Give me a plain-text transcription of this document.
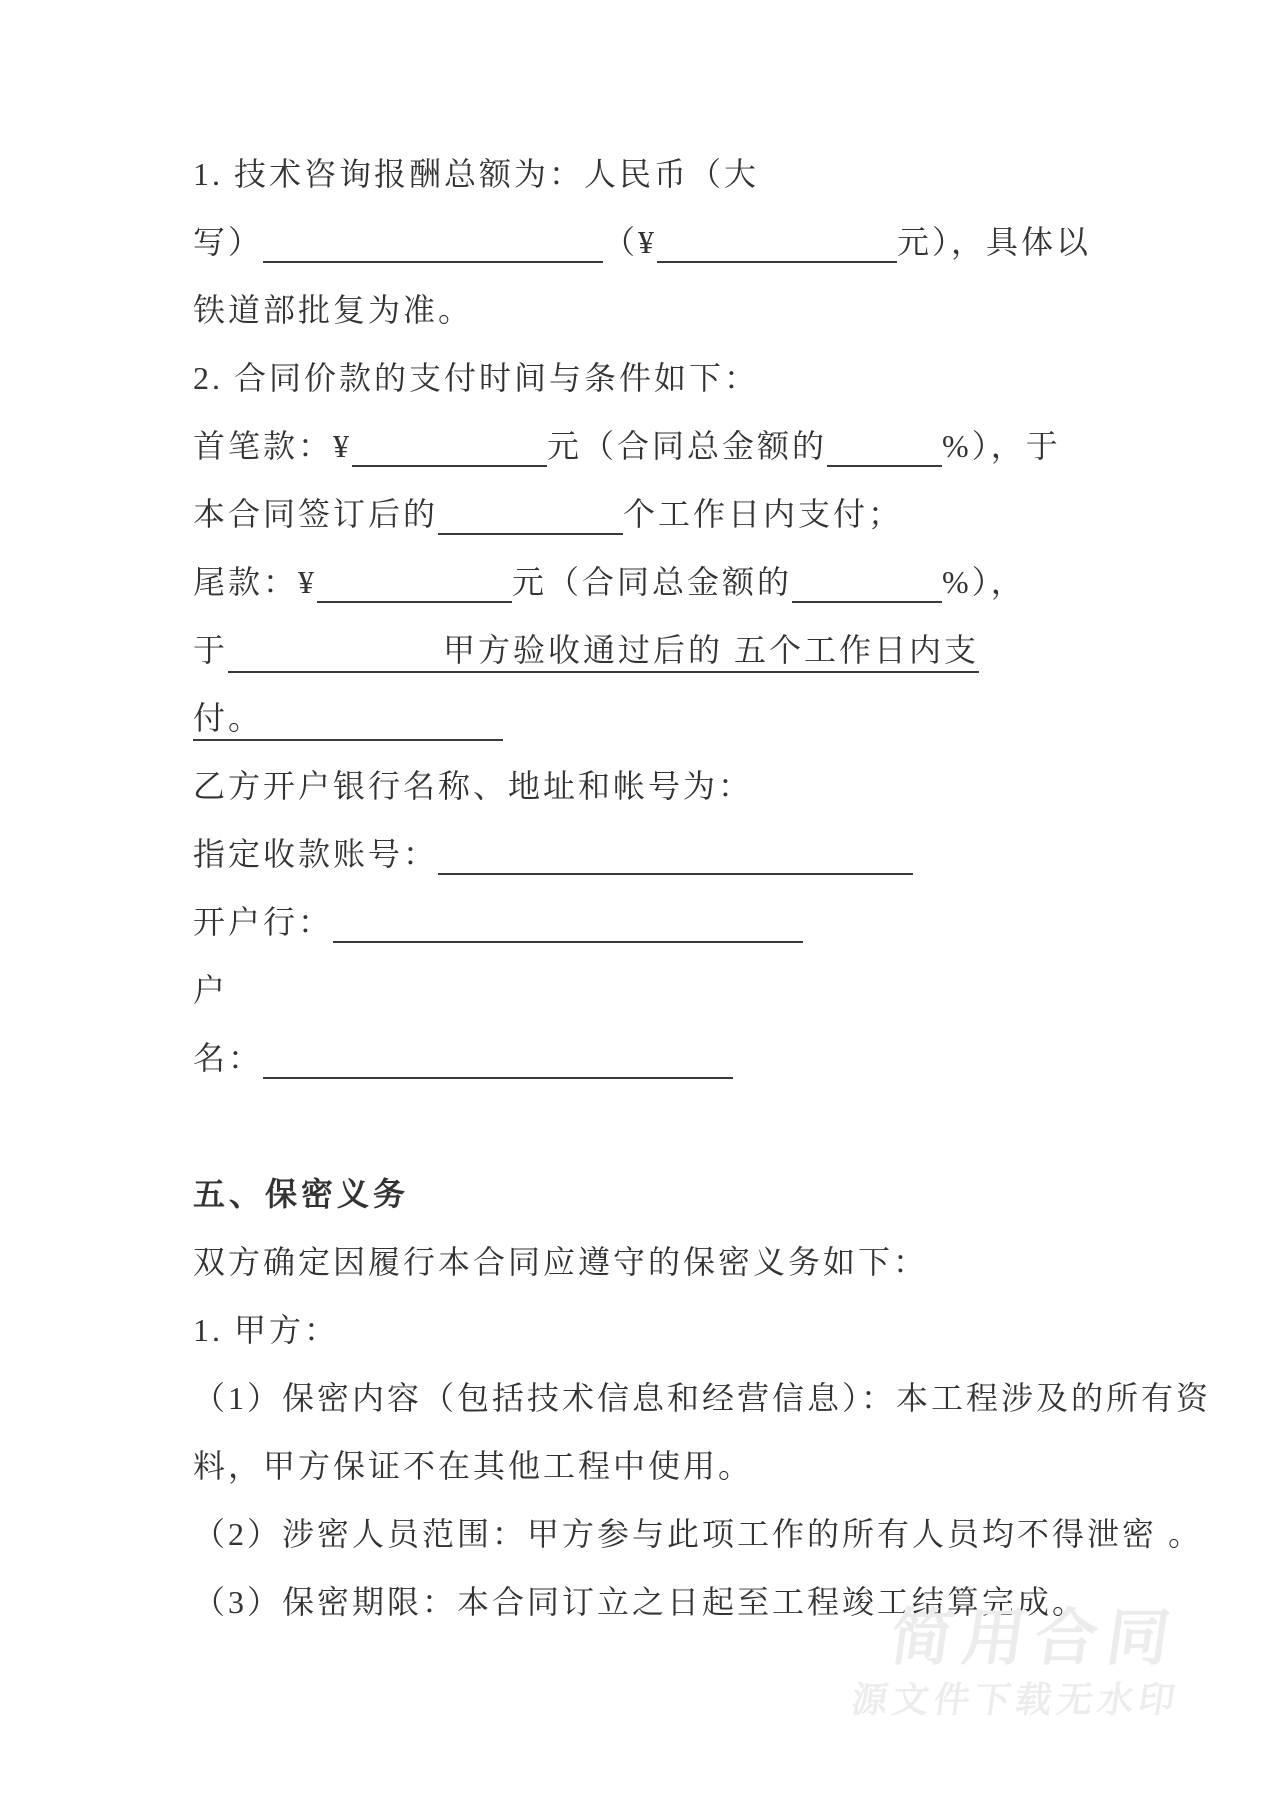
1. 技术咨询报酬总额为：人民币（大
写）	（¥	元），具体以
铁道部批复为准。
2. 合同价款的支付时间与条件如下：
首笔款：¥	元（合同总金额的	%），于
本合同签订后的	个工作日内支付；
尾款：¥	元（合同总金额的	%），
于	甲方验收通过后的 五个工作日内支
付。
乙方开户银行名称、地址和帐号为：
指定收款账号：
开户行：
户
名：

五、保密义务
双方确定因履行本合同应遵守的保密义务如下：
1. 甲方：
（1）保密内容（包括技术信息和经营信息）：本工程涉及的所有资
料，甲方保证不在其他工程中使用。
（2）涉密人员范围：甲方参与此项工作的所有人员均不得泄密 。
（3）保密期限：本合同订立之日起至工程竣工结算完成。
简用合同
源文件下载无水印
